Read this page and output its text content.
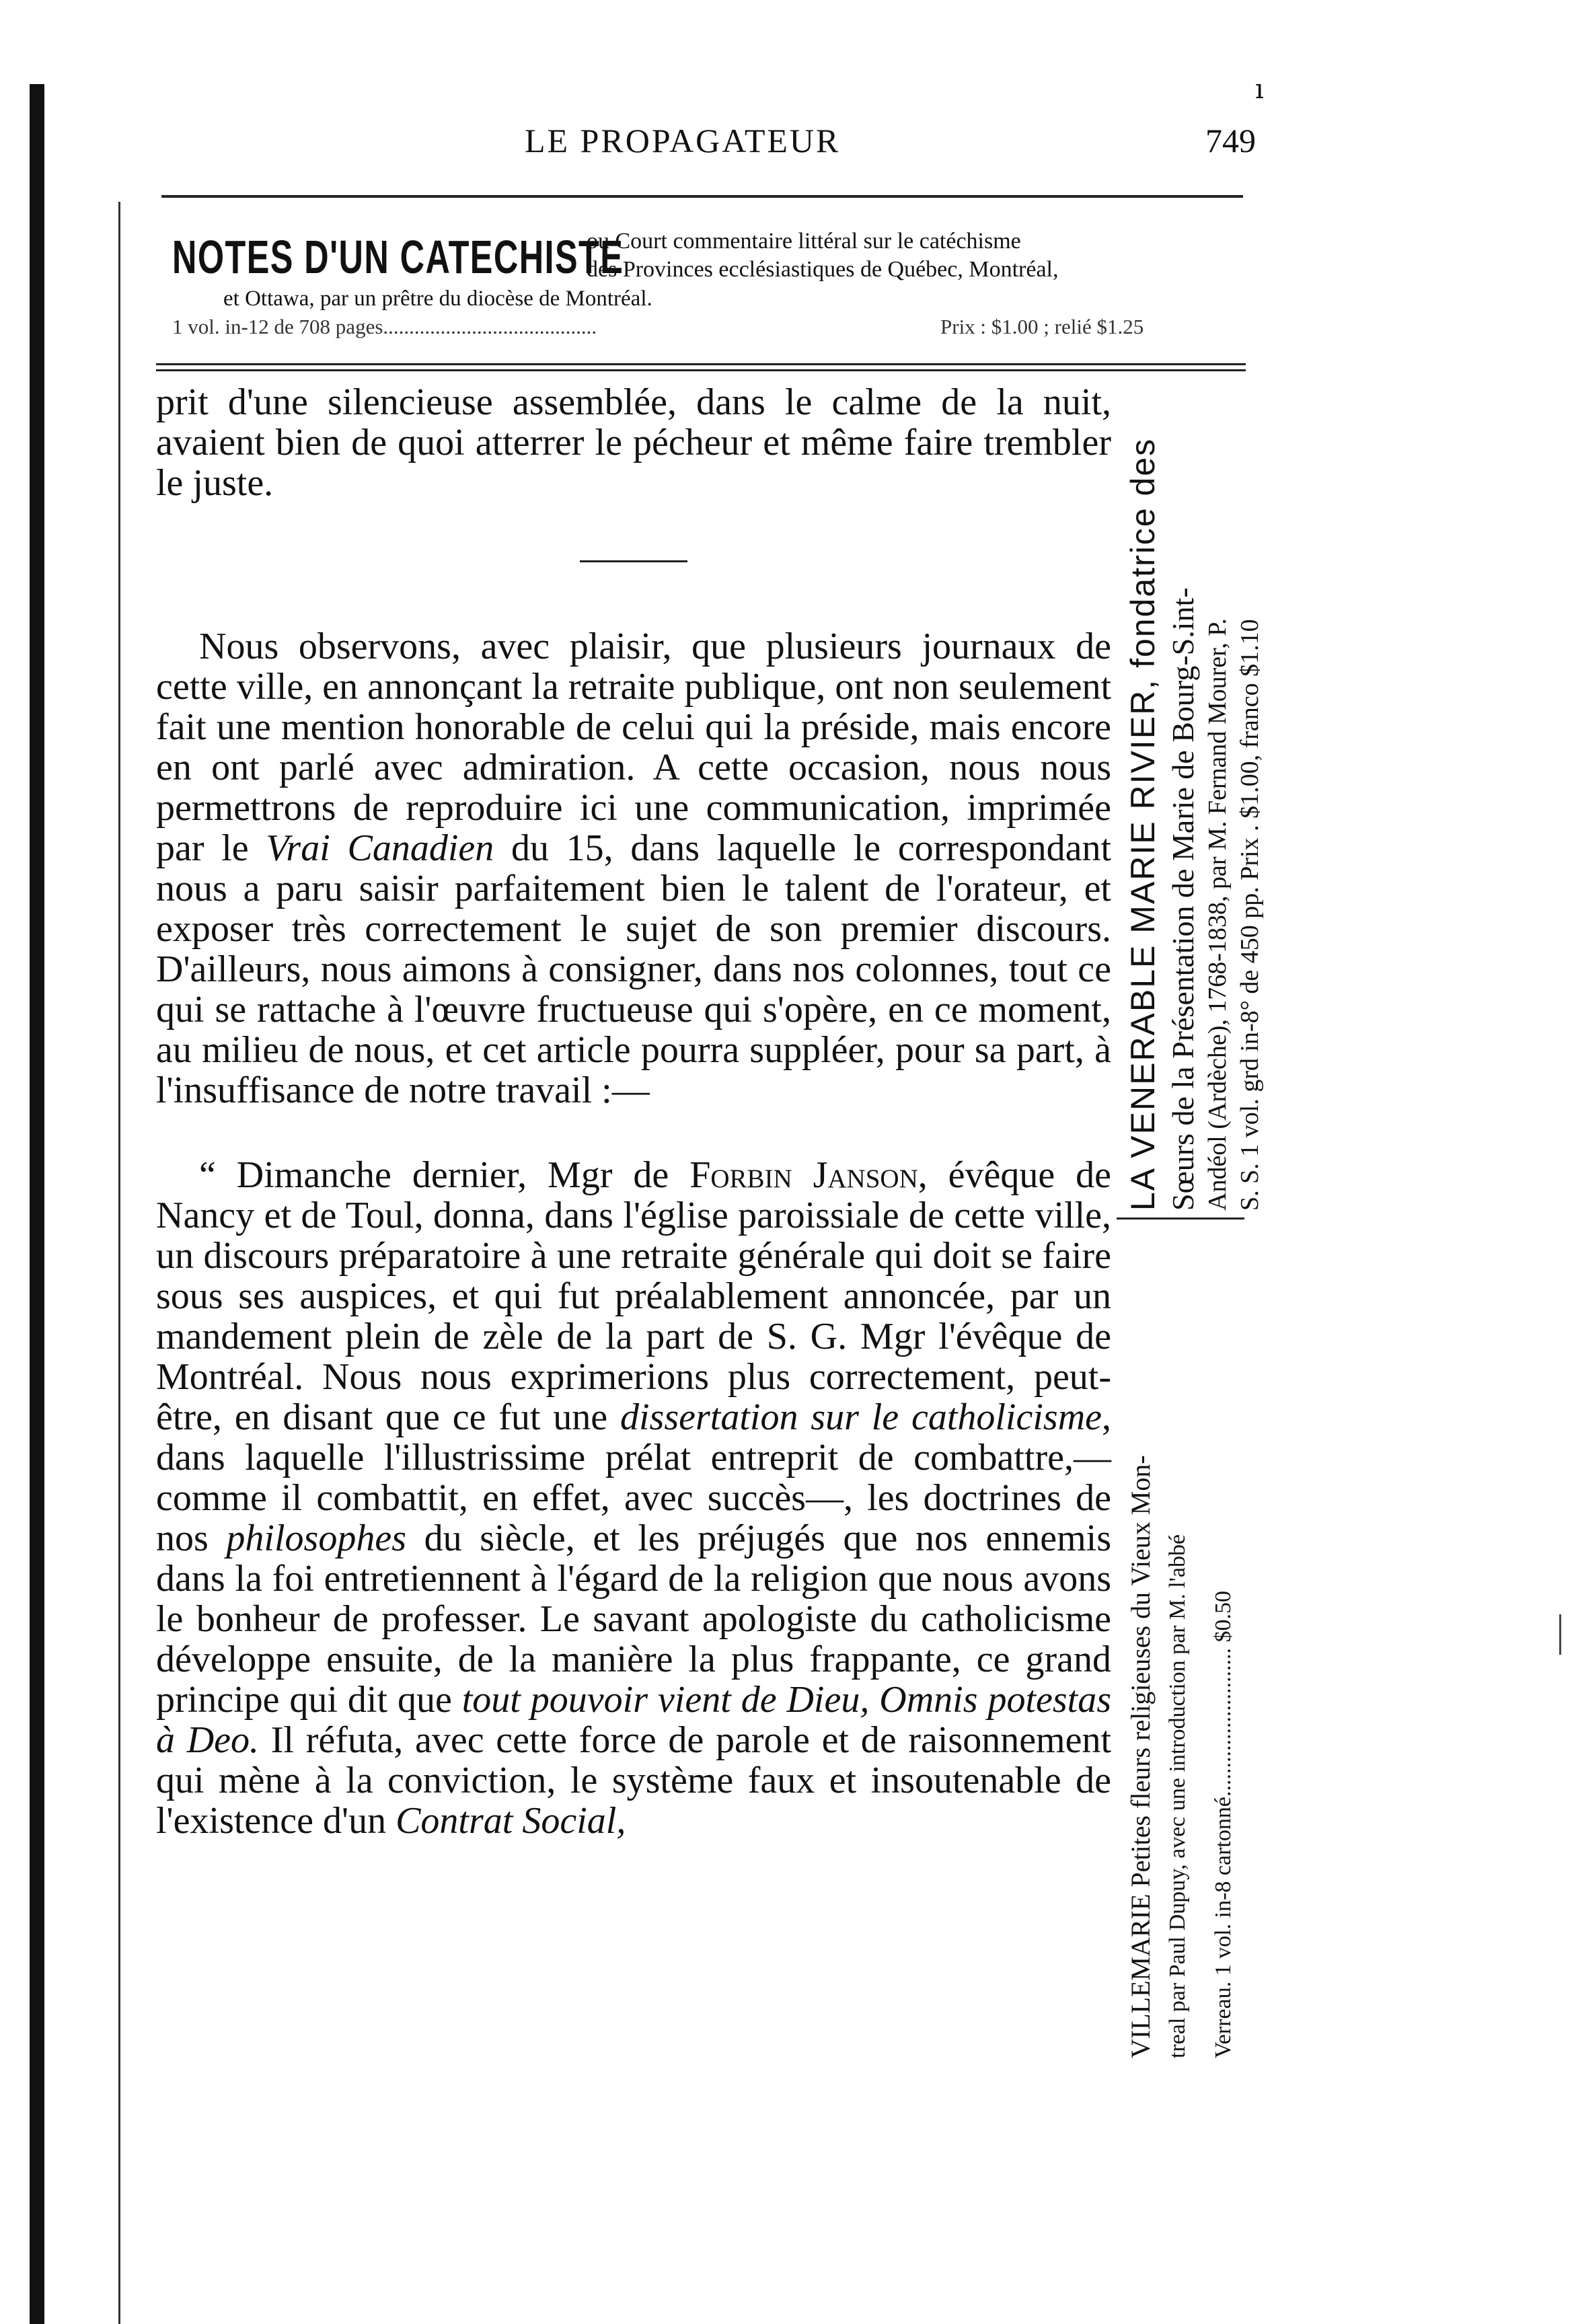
ı
LE PROPAGATEUR	749
NOTES D'UN CATECHISTE
ou Court commentaire littéral sur le catéchisme
des Provinces ecclésiastiques de Québec, Montréal,
et Ottawa, par un prêtre du diocèse de Montréal.
1 vol. in-12 de 708 pages.........................................	Prix : $1.00 ; relié $1.25

prit d'une silencieuse assemblée, dans le calme de la nuit, avaient bien de quoi atterrer le pécheur et même faire trembler le juste.

Nous observons, avec plaisir, que plusieurs journaux de cette ville, en annonçant la retraite publique, ont non seulement fait une mention honorable de celui qui la préside, mais encore en ont parlé avec admiration. A cette occasion, nous nous permettrons de reproduire ici une communication, imprimée par le Vrai Canadien du 15, dans laquelle le correspondant nous a paru saisir parfaitement bien le talent de l'orateur, et exposer très correctement le sujet de son premier discours. D'ailleurs, nous aimons à consigner, dans nos colonnes, tout ce qui se rattache à l'œuvre fructueuse qui s'opère, en ce moment, au milieu de nous, et cet article pourra suppléer, pour sa part, à l'insuffisance de notre travail :—

“ Dimanche dernier, Mgr de Forbin Janson, évêque de Nancy et de Toul, donna, dans l'église paroissiale de cette ville, un discours préparatoire à une retraite générale qui doit se faire sous ses auspices, et qui fut préalablement annoncée, par un mandement plein de zèle de la part de S. G. Mgr l'évêque de Montréal. Nous nous exprimerions plus correctement, peut-être, en disant que ce fut une dissertation sur le catholicisme, dans laquelle l'illustrissime prélat entreprit de combattre,—comme il combattit, en effet, avec succès—, les doctrines de nos philosophes du siècle, et les préjugés que nos ennemis dans la foi entretiennent à l'égard de la religion que nous avons le bonheur de professer. Le savant apologiste du catholicisme développe ensuite, de la manière la plus frappante, ce grand principe qui dit que tout pouvoir vient de Dieu, Omnis potestas à Deo. Il réfuta, avec cette force de parole et de raisonnement qui mène à la conviction, le système faux et insoutenable de l'existence d'un Contrat Social,

LA VENERABLE MARIE RIVIER, fondatrice des Sœurs de la Présentation de Marie de Bourg-S.int- Andéol (Ardèche), 1768-1838, par M. Fernand Mourer, P. S. S. 1 vol. grd in-8° de 450 pp. Prix . $1.00, franco $1.10
VILLEMARIE Petites fleurs religieuses du Vieux Mon- treal par Paul Dupuy, avec une introduction par M. l'abbé Verreau. 1 vol. in-8 cartonné.......................... $0.50
